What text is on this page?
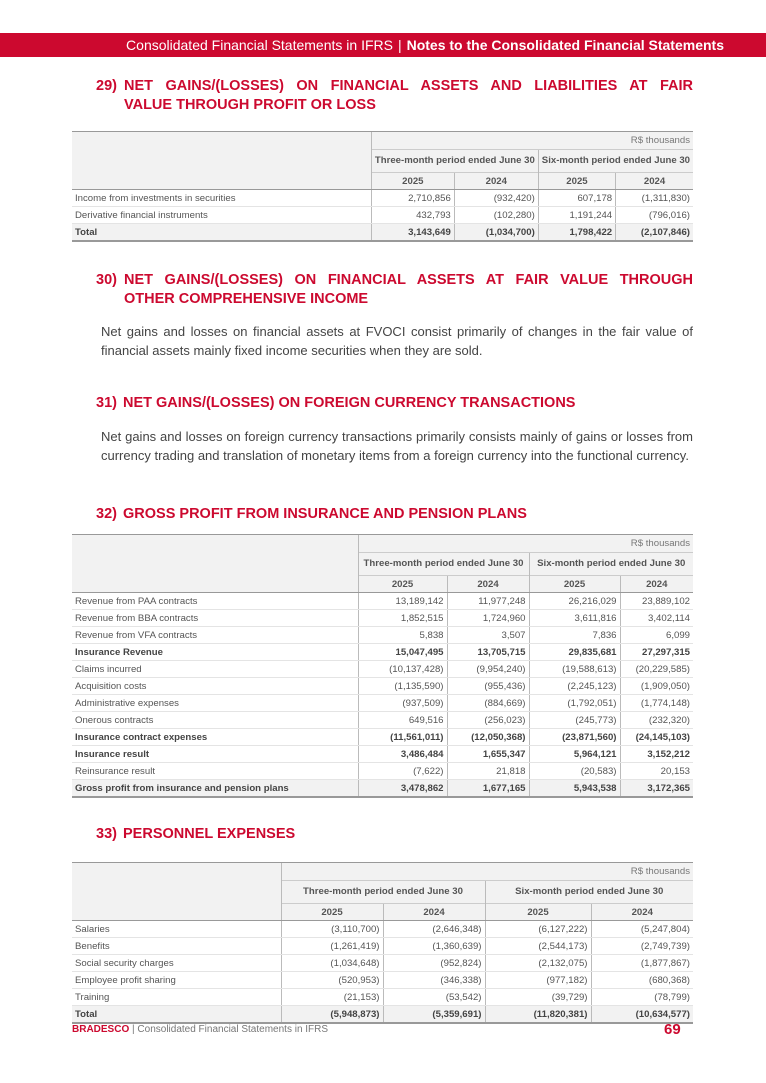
Consolidated Financial Statements in IFRS | Notes to the Consolidated Financial Statements
29) NET GAINS/(LOSSES) ON FINANCIAL ASSETS AND LIABILITIES AT FAIR
VALUE THROUGH PROFIT OR LOSS
	R$ thousands			
	Three-month period ended June 30		Six-month period ended June 30	
	2025	2024	2025	2024
Income from investments in securities	2,710,856	(932,420)	607,178	(1,311,830)
Derivative financial instruments	432,793	(102,280)	1,191,244	(796,016)
Total	3,143,649	(1,034,700)	1,798,422	(2,107,846)
30) NET GAINS/(LOSSES) ON FINANCIAL ASSETS AT FAIR VALUE THROUGH
OTHER COMPREHENSIVE INCOME
Net gains and losses on financial assets at FVOCI consist primarily of changes in the fair value of financial assets mainly fixed income securities when they are sold.
31) NET GAINS/(LOSSES) ON FOREIGN CURRENCY TRANSACTIONS
Net gains and losses on foreign currency transactions primarily consists mainly of gains or losses from currency trading and translation of monetary items from a foreign currency into the functional currency.
32) GROSS PROFIT FROM INSURANCE AND PENSION PLANS
	R$ thousands			
	Three-month period ended June 30		Six-month period ended June 30	
	2025	2024	2025	2024
Revenue from PAA contracts	13,189,142	11,977,248	26,216,029	23,889,102
Revenue from BBA contracts	1,852,515	1,724,960	3,611,816	3,402,114
Revenue from VFA contracts	5,838	3,507	7,836	6,099
Insurance Revenue	15,047,495	13,705,715	29,835,681	27,297,315
Claims incurred	(10,137,428)	(9,954,240)	(19,588,613)	(20,229,585)
Acquisition costs	(1,135,590)	(955,436)	(2,245,123)	(1,909,050)
Administrative expenses	(937,509)	(884,669)	(1,792,051)	(1,774,148)
Onerous contracts	649,516	(256,023)	(245,773)	(232,320)
Insurance contract expenses	(11,561,011)	(12,050,368)	(23,871,560)	(24,145,103)
Insurance result	3,486,484	1,655,347	5,964,121	3,152,212
Reinsurance result	(7,622)	21,818	(20,583)	20,153
Gross profit from insurance and pension plans	3,478,862	1,677,165	5,943,538	3,172,365
33) PERSONNEL EXPENSES
	R$ thousands			
	Three-month period ended June 30		Six-month period ended June 30	
	2025	2024	2025	2024
Salaries	(3,110,700)	(2,646,348)	(6,127,222)	(5,247,804)
Benefits	(1,261,419)	(1,360,639)	(2,544,173)	(2,749,739)
Social security charges	(1,034,648)	(952,824)	(2,132,075)	(1,877,867)
Employee profit sharing	(520,953)	(346,338)	(977,182)	(680,368)
Training	(21,153)	(53,542)	(39,729)	(78,799)
Total	(5,948,873)	(5,359,691)	(11,820,381)	(10,634,577)
BRADESCO | Consolidated Financial Statements in IFRS	69
